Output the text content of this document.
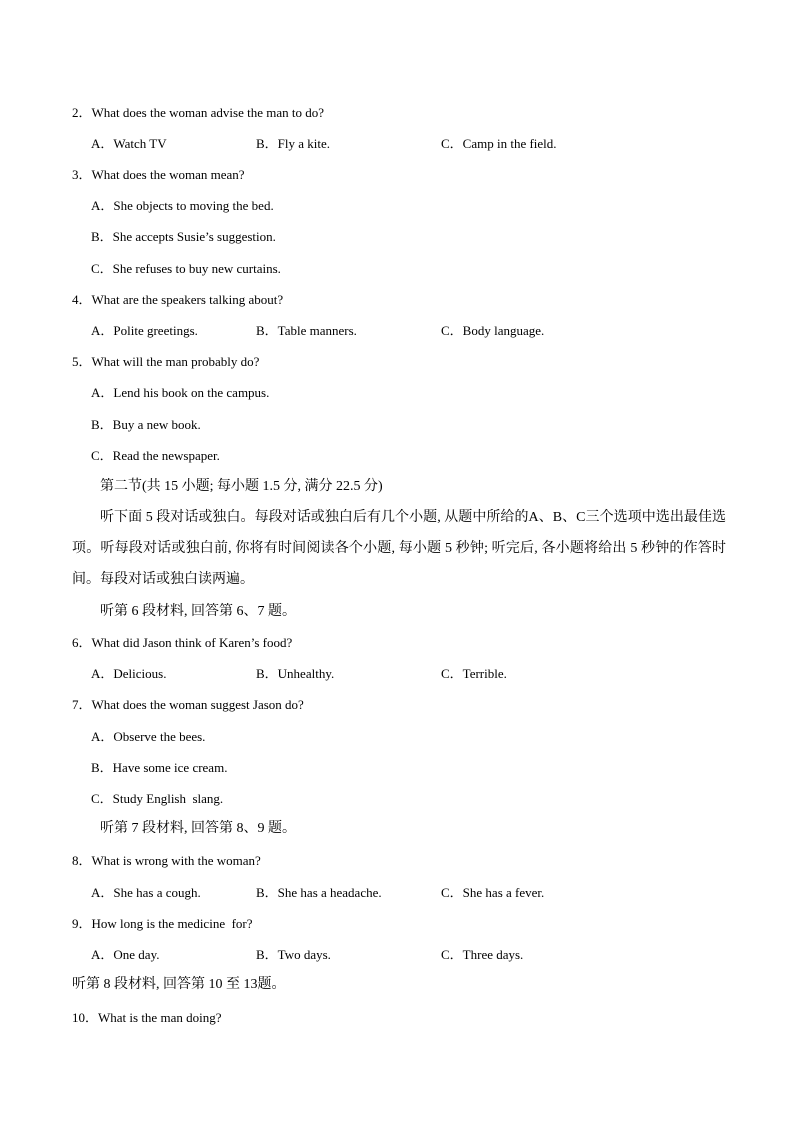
2．What does the woman advise the man to do?
A．Watch TV	B．Fly a kite.	C．Camp in the field.
3．What does the woman mean?
A．She objects to moving the bed.
B．She accepts Susie’s suggestion.
C．She refuses to buy new curtains.
4．What are the speakers talking about?
A．Polite greetings.	B．Table manners.	C．Body language.
5．What will the man probably do?
A．Lend his book on the campus.
B．Buy a new book.
C．Read the newspaper.
第二节(共 15 小题; 每小题 1.5 分, 满分 22.5 分)
听下面 5 段对话或独白。每段对话或独白后有几个小题, 从题中所给的A、B、C三个选项中选出最佳选项。听每段对话或独白前, 你将有时间阅读各个小题, 每小题 5 秒钟; 听完后, 各小题将给出 5 秒钟的作答时间。每段对话或独白读两遍。
听第 6 段材料, 回答第 6、7 题。
6．What did Jason think of Karen’s food?
A．Delicious.	B．Unhealthy.	C．Terrible.
7．What does the woman suggest Jason do?
A．Observe the bees.
B．Have some ice cream.
C．Study English  slang.
听第 7 段材料, 回答第 8、9 题。
8．What is wrong with the woman?
A．She has a cough.	B．She has a headache.	C．She has a fever.
9．How long is the medicine  for?
A．One day.	B．Two days.	C．Three days.
听第 8 段材料, 回答第 10 至 13题。
10．What is the man doing?
